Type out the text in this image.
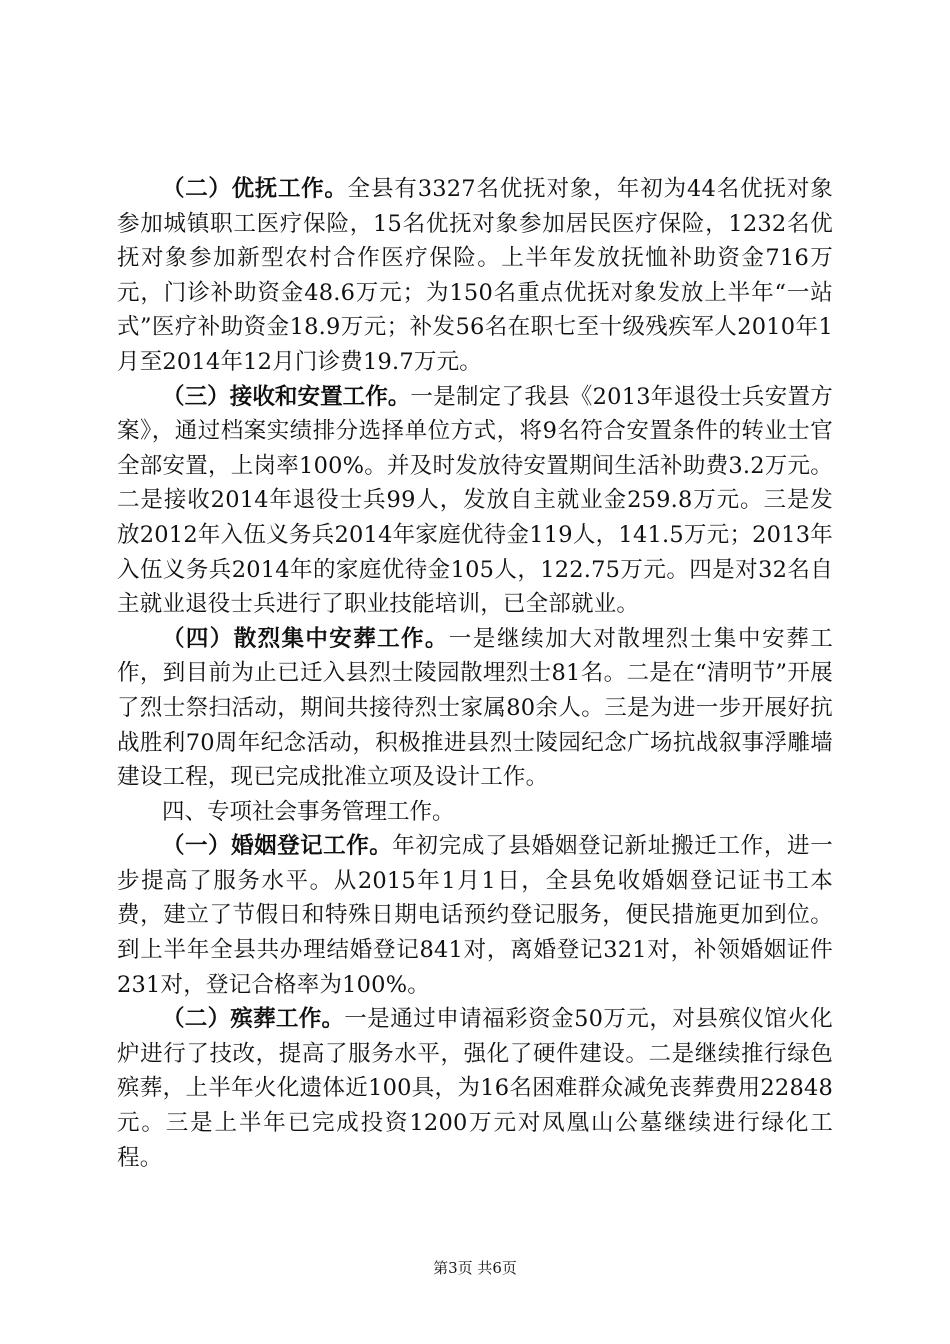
（二）优抚工作。全县有3327名优抚对象，年初为44名优抚对象参加城镇职工医疗保险，15名优抚对象参加居民医疗保险，1232名优抚对象参加新型农村合作医疗保险。上半年发放抚恤补助资金716万元，门诊补助资金48.6万元；为150名重点优抚对象发放上半年“一站式”医疗补助资金18.9万元；补发56名在职七至十级残疾军人2010年1月至2014年12月门诊费19.7万元。

（三）接收和安置工作。一是制定了我县《2013年退役士兵安置方案》，通过档案实绩排分选择单位方式，将9名符合安置条件的转业士官全部安置，上岗率100%。并及时发放待安置期间生活补助费3.2万元。二是接收2014年退役士兵99人，发放自主就业金259.8万元。三是发放2012年入伍义务兵2014年家庭优待金119人，141.5万元；2013年入伍义务兵2014年的家庭优待金105人，122.75万元。四是对32名自主就业退役士兵进行了职业技能培训，已全部就业。

（四）散烈集中安葬工作。一是继续加大对散埋烈士集中安葬工作，到目前为止已迁入县烈士陵园散埋烈士81名。二是在“清明节”开展了烈士祭扫活动，期间共接待烈士家属80余人。三是为进一步开展好抗战胜利70周年纪念活动，积极推进县烈士陵园纪念广场抗战叙事浮雕墙建设工程，现已完成批准立项及设计工作。

四、专项社会事务管理工作。

（一）婚姻登记工作。年初完成了县婚姻登记新址搬迁工作，进一步提高了服务水平。从2015年1月1日，全县免收婚姻登记证书工本费，建立了节假日和特殊日期电话预约登记服务，便民措施更加到位。到上半年全县共办理结婚登记841对，离婚登记321对，补领婚姻证件231对，登记合格率为100%。

（二）殡葬工作。一是通过申请福彩资金50万元，对县殡仪馆火化炉进行了技改，提高了服务水平，强化了硬件建设。二是继续推行绿色殡葬，上半年火化遗体近100具，为16名困难群众减免丧葬费用22848元。三是上半年已完成投资1200万元对凤凰山公墓继续进行绿化工程。

第3页 共6页
